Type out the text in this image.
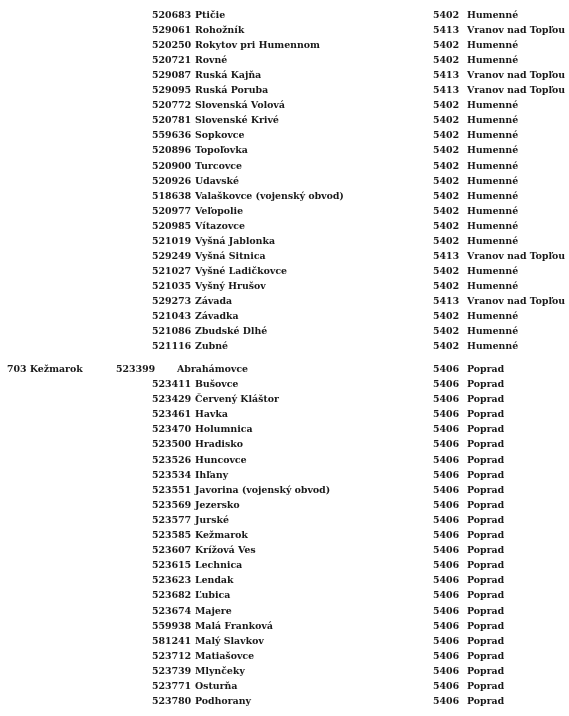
520683 Ptičie	5402 Humenné
529061 Rohožník	5413 Vranov nad Topľou
520250 Rokytov pri Humennom	5402 Humenné
520721 Rovné	5402 Humenné
529087 Ruská Kajňa	5413 Vranov nad Topľou
529095 Ruská Poruba	5413 Vranov nad Topľou
520772 Slovenská Volová	5402 Humenné
520781 Slovenské Krivé	5402 Humenné
559636 Sopkovce	5402 Humenné
520896 Topoľovka	5402 Humenné
520900 Turcovce	5402 Humenné
520926 Udavské	5402 Humenné
518638 Valaškovce (vojenský obvod)	5402 Humenné
520977 Veľopolie	5402 Humenné
520985 Vítazovce	5402 Humenné
521019 Vyšná Jablonka	5402 Humenné
529249 Vyšná Sitnica	5413 Vranov nad Topľou
521027 Vyšné Ladičkovce	5402 Humenné
521035 Vyšný Hrušov	5402 Humenné
529273 Závada	5413 Vranov nad Topľou
521043 Závadka	5402 Humenné
521086 Zbudské Dlhé	5402 Humenné
521116 Zubné	5402 Humenné
703 Kežmarok	523399 Abrahámovce	5406 Poprad
523411 Bušovce	5406 Poprad
523429 Červený Kláštor	5406 Poprad
523461 Havka	5406 Poprad
523470 Holumnica	5406 Poprad
523500 Hradisko	5406 Poprad
523526 Huncovce	5406 Poprad
523534 Ihľany	5406 Poprad
523551 Javorina (vojenský obvod)	5406 Poprad
523569 Jezersko	5406 Poprad
523577 Jurské	5406 Poprad
523585 Kežmarok	5406 Poprad
523607 Krížová Ves	5406 Poprad
523615 Lechnica	5406 Poprad
523623 Lendak	5406 Poprad
523682 Ľubica	5406 Poprad
523674 Majere	5406 Poprad
559938 Malá Franková	5406 Poprad
581241 Malý Slavkov	5406 Poprad
523712 Matiašovce	5406 Poprad
523739 Mlynčeky	5406 Poprad
523771 Osturňa	5406 Poprad
523780 Podhorany	5406 Poprad
